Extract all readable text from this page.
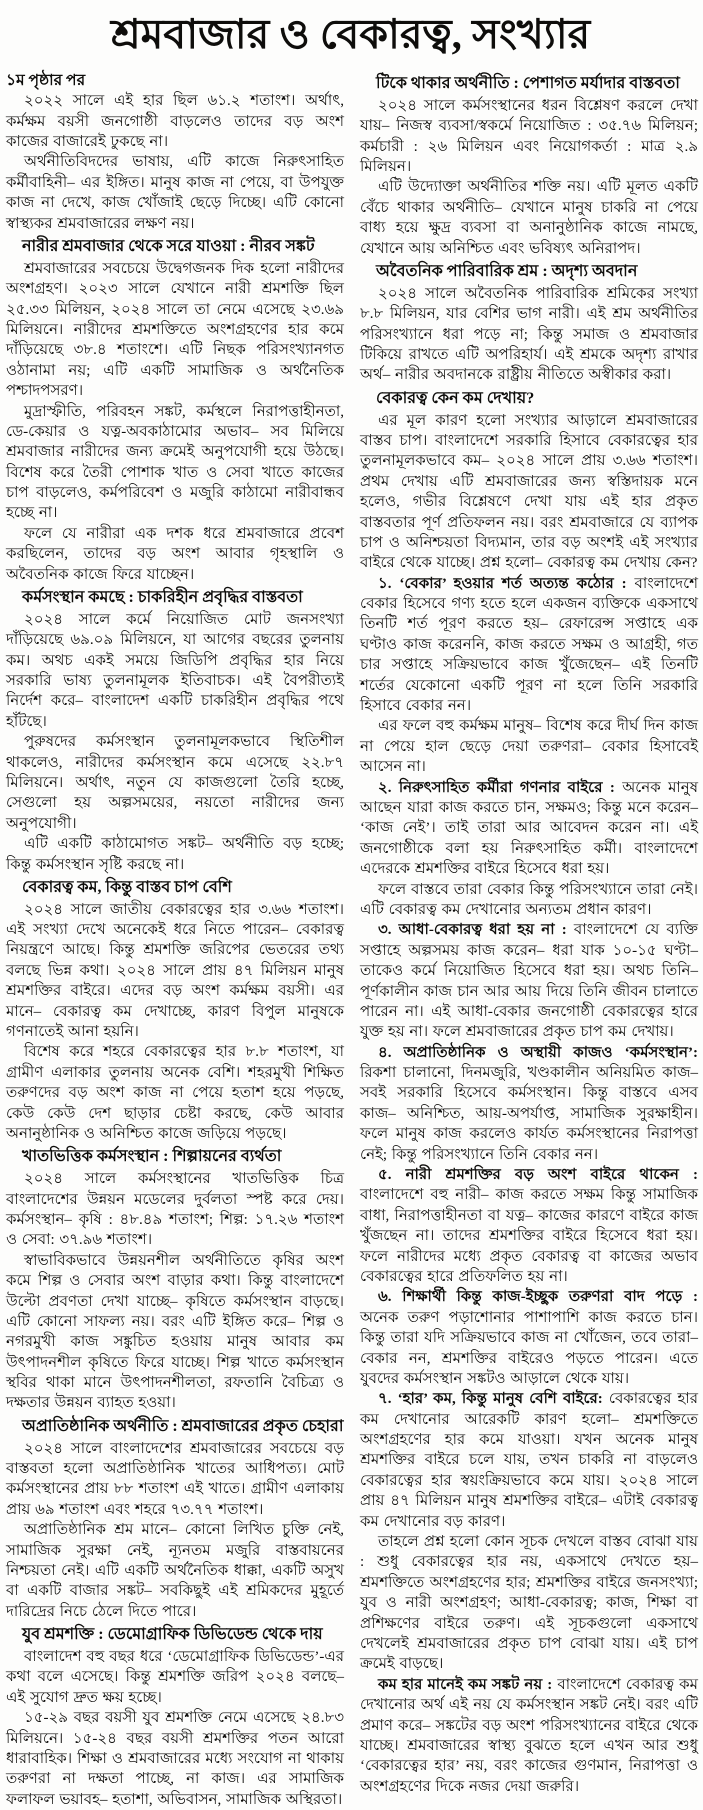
শ্রমবাজার ও বেকারত্ব, সংখ্যার

১ম পৃষ্ঠার পর

২০২২ সালে এই হার ছিল ৬১.২ শতাংশ। অর্থাৎ, কর্মক্ষম বয়সী জনগোষ্ঠী বাড়লেও তাদের বড় অংশ কাজের বাজারেই ঢুকছে না।

অর্থনীতিবিদদের ভাষায়, এটি কাজে নিরুৎসাহিত কর্মীবাহিনী– এর ইঙ্গিত। মানুষ কাজ না পেয়ে, বা উপযুক্ত কাজ না দেখে, কাজ খোঁজাই ছেড়ে দিচ্ছে। এটি কোনো স্বাস্থ্যকর শ্রমবাজারের লক্ষণ নয়।

নারীর শ্রমবাজার থেকে সরে যাওয়া : নীরব সঙ্কট

শ্রমবাজারের সবচেয়ে উদ্বেগজনক দিক হলো নারীদের অংশগ্রহণ। ২০২৩ সালে যেখানে নারী শ্রমশক্তি ছিল ২৫.৩৩ মিলিয়ন, ২০২৪ সালে তা নেমে এসেছে ২৩.৬৯ মিলিয়নে। নারীদের শ্রমশক্তিতে অংশগ্রহণের হার কমে দাঁড়িয়েছে ৩৮.৪ শতাংশে। এটি নিছক পরিসংখ্যানগত ওঠানামা নয়; এটি একটি সামাজিক ও অর্থনৈতিক পশ্চাদপসরণ।

মুদ্রাস্ফীতি, পরিবহন সঙ্কট, কর্মস্থলে নিরাপত্তাহীনতা, ডে-কেয়ার ও যত্ন-অবকাঠামোর অভাব– সব মিলিয়ে শ্রমবাজার নারীদের জন্য ক্রমেই অনুপযোগী হয়ে উঠছে। বিশেষ করে তৈরী পোশাক খাত ও সেবা খাতে কাজের চাপ বাড়লেও, কর্মপরিবেশ ও মজুরি কাঠামো নারীবান্ধব হচ্ছে না।

ফলে যে নারীরা এক দশক ধরে শ্রমবাজারে প্রবেশ করছিলেন, তাদের বড় অংশ আবার গৃহস্থালি ও অবৈতনিক কাজে ফিরে যাচ্ছেন।

কর্মসংস্থান কমছে : চাকরিহীন প্রবৃদ্ধির বাস্তবতা

২০২৪ সালে কর্মে নিয়োজিত মোট জনসংখ্যা দাঁড়িয়েছে ৬৯.০৯ মিলিয়নে, যা আগের বছরের তুলনায় কম। অথচ একই সময়ে জিডিপি প্রবৃদ্ধির হার নিয়ে সরকারি ভাষ্য তুলনামূলক ইতিবাচক। এই বৈপরীত্যই নির্দেশ করে– বাংলাদেশ একটি চাকরিহীন প্রবৃদ্ধির পথে হাঁটছে।

পুরুষদের কর্মসংস্থান তুলনামূলকভাবে স্থিতিশীল থাকলেও, নারীদের কর্মসংস্থান কমে এসেছে ২২.৮৭ মিলিয়নে। অর্থাৎ, নতুন যে কাজগুলো তৈরি হচ্ছে, সেগুলো হয় অল্পসময়ের, নয়তো নারীদের জন্য অনুপযোগী।

এটি একটি কাঠামোগত সঙ্কট– অর্থনীতি বড় হচ্ছে; কিন্তু কর্মসংস্থান সৃষ্টি করছে না।

বেকারত্ব কম, কিন্তু বাস্তব চাপ বেশি

২০২৪ সালে জাতীয় বেকারত্বের হার ৩.৬৬ শতাংশ। এই সংখ্যা দেখে অনেকেই ধরে নিতে পারেন– বেকারত্ব নিয়ন্ত্রণে আছে। কিন্তু শ্রমশক্তি জরিপের ভেতরের তথ্য বলছে ভিন্ন কথা। ২০২৪ সালে প্রায় ৪৭ মিলিয়ন মানুষ শ্রমশক্তির বাইরে। এদের বড় অংশ কর্মক্ষম বয়সী। এর মানে– বেকারত্ব কম দেখাচ্ছে, কারণ বিপুল মানুষকে গণনাতেই আনা হয়নি।

বিশেষ করে শহরে বেকারত্বের হার ৮.৮ শতাংশ, যা গ্রামীণ এলাকার তুলনায় অনেক বেশি। শহরমুখী শিক্ষিত তরুণদের বড় অংশ কাজ না পেয়ে হতাশ হয়ে পড়ছে, কেউ কেউ দেশ ছাড়ার চেষ্টা করছে, কেউ আবার অনানুষ্ঠানিক ও অনিশ্চিত কাজে জড়িয়ে পড়ছে।

খাতভিত্তিক কর্মসংস্থান : শিল্পায়নের ব্যর্থতা

২০২৪ সালে কর্মসংস্থানের খাতভিত্তিক চিত্র বাংলাদেশের উন্নয়ন মডেলের দুর্বলতা স্পষ্ট করে দেয়। কর্মসংস্থান– কৃষি : ৪৮.৪৯ শতাংশ; শিল্প: ১৭.২৬ শতাংশ ও সেবা: ৩৭.৯৬ শতাংশ।

স্বাভাবিকভাবে উন্নয়নশীল অর্থনীতিতে কৃষির অংশ কমে শিল্প ও সেবার অংশ বাড়ার কথা। কিন্তু বাংলাদেশে উল্টো প্রবণতা দেখা যাচ্ছে– কৃষিতে কর্মসংস্থান বাড়ছে। এটি কোনো সাফল্য নয়। বরং এটি ইঙ্গিত করে– শিল্প ও নগরমুখী কাজ সঙ্কুচিত হওয়ায় মানুষ আবার কম উৎপাদনশীল কৃষিতে ফিরে যাচ্ছে। শিল্প খাতে কর্মসংস্থান স্থবির থাকা মানে উৎপাদনশীলতা, রফতানি বৈচিত্র্য ও দক্ষতার উন্নয়ন ব্যাহত হওয়া।

অপ্রাতিষ্ঠানিক অর্থনীতি : শ্রমবাজারের প্রকৃত চেহারা

২০২৪ সালে বাংলাদেশের শ্রমবাজারের সবচেয়ে বড় বাস্তবতা হলো অপ্রাতিষ্ঠানিক খাতের আধিপত্য। মোট কর্মসংস্থানের প্রায় ৮৮ শতাংশ এই খাতে। গ্রামীণ এলাকায় প্রায় ৬৯ শতাংশ এবং শহরে ৭৩.৭৭ শতাংশ।

অপ্রাতিষ্ঠানিক শ্রম মানে– কোনো লিখিত চুক্তি নেই, সামাজিক সুরক্ষা নেই, ন্যূনতম মজুরি বাস্তবায়নের নিশ্চয়তা নেই। এটি একটি অর্থনৈতিক ধাক্কা, একটি অসুখ বা একটি বাজার সঙ্কট– সবকিছুই এই শ্রমিকদের মুহূর্তে দারিদ্রের নিচে ঠেলে দিতে পারে।

যুব শ্রমশক্তি : ডেমোগ্রাফিক ডিভিডেন্ড থেকে দায়

বাংলাদেশ বহু বছর ধরে ‘ডেমোগ্রাফিক ডিভিডেন্ড’-এর কথা বলে এসেছে। কিন্তু শ্রমশক্তি জরিপ ২০২৪ বলছে– এই সুযোগ দ্রুত ক্ষয় হচ্ছে।

১৫-২৯ বছর বয়সী যুব শ্রমশক্তি নেমে এসেছে ২৪.৮৩ মিলিয়নে। ১৫-২৪ বছর বয়সী শ্রমশক্তির পতন আরো ধারাবাহিক। শিক্ষা ও শ্রমবাজারের মধ্যে সংযোগ না থাকায় তরুণরা না দক্ষতা পাচ্ছে, না কাজ। এর সামাজিক ফলাফল ভয়াবহ– হতাশা, অভিবাসন, সামাজিক অস্থিরতা।

টিকে থাকার অর্থনীতি : পেশাগত মর্যাদার বাস্তবতা

২০২৪ সালে কর্মসংস্থানের ধরন বিশ্লেষণ করলে দেখা যায়– নিজস্ব ব্যবসা/স্বকর্মে নিয়োজিত : ৩৫.৭৬ মিলিয়ন; কর্মচারী : ২৬ মিলিয়ন এবং নিয়োগকর্তা : মাত্র ২.৯ মিলিয়ন।

এটি উদ্যোক্তা অর্থনীতির শক্তি নয়। এটি মূলত একটি বেঁচে থাকার অর্থনীতি– যেখানে মানুষ চাকরি না পেয়ে বাধ্য হয়ে ক্ষুদ্র ব্যবসা বা অনানুষ্ঠানিক কাজে নামছে, যেখানে আয় অনিশ্চিত এবং ভবিষ্যৎ অনিরাপদ।

অবৈতনিক পারিবারিক শ্রম : অদৃশ্য অবদান

২০২৪ সালে অবৈতনিক পারিবারিক শ্রমিকের সংখ্যা ৮.৮ মিলিয়ন, যার বেশির ভাগ নারী। এই শ্রম অর্থনীতির পরিসংখ্যানে ধরা পড়ে না; কিন্তু সমাজ ও শ্রমবাজার টিকিয়ে রাখতে এটি অপরিহার্য। এই শ্রমকে অদৃশ্য রাখার অর্থ– নারীর অবদানকে রাষ্ট্রীয় নীতিতে অস্বীকার করা।

বেকারত্ব কেন কম দেখায়?

এর মূল কারণ হলো সংখ্যার আড়ালে শ্রমবাজারের বাস্তব চাপ। বাংলাদেশে সরকারি হিসাবে বেকারত্বের হার তুলনামূলকভাবে কম– ২০২৪ সালে প্রায় ৩.৬৬ শতাংশ। প্রথম দেখায় এটি শ্রমবাজারের জন্য স্বস্তিদায়ক মনে হলেও, গভীর বিশ্লেষণে দেখা যায় এই হার প্রকৃত বাস্তবতার পূর্ণ প্রতিফলন নয়। বরং শ্রমবাজারে যে ব্যাপক চাপ ও অনিশ্চয়তা বিদ্যমান, তার বড় অংশই এই সংখ্যার বাইরে থেকে যাচ্ছে। প্রশ্ন হলো– বেকারত্ব কম দেখায় কেন?

১. ‘বেকার’ হওয়ার শর্ত অত্যন্ত কঠোর : বাংলাদেশে বেকার হিসেবে গণ্য হতে হলে একজন ব্যক্তিকে একসাথে তিনটি শর্ত পূরণ করতে হয়– রেফারেন্স সপ্তাহে এক ঘণ্টাও কাজ করেননি, কাজ করতে সক্ষম ও আগ্রহী, গত চার সপ্তাহে সক্রিয়ভাবে কাজ খুঁজেছেন– এই তিনটি শর্তের যেকোনো একটি পূরণ না হলে তিনি সরকারি হিসাবে বেকার নন।

এর ফলে বহু কর্মক্ষম মানুষ– বিশেষ করে দীর্ঘ দিন কাজ না পেয়ে হাল ছেড়ে দেয়া তরুণরা– বেকার হিসাবেই আসেন না।

২. নিরুৎসাহিত কর্মীরা গণনার বাইরে : অনেক মানুষ আছেন যারা কাজ করতে চান, সক্ষমও; কিন্তু মনে করেন– ‘কাজ নেই’। তাই তারা আর আবেদন করেন না। এই জনগোষ্ঠীকে বলা হয় নিরুৎসাহিত কর্মী। বাংলাদেশে এদেরকে শ্রমশক্তির বাইরে হিসেবে ধরা হয়।

ফলে বাস্তবে তারা বেকার কিন্তু পরিসংখ্যানে তারা নেই। এটি বেকারত্ব কম দেখানোর অন্যতম প্রধান কারণ।

৩. আধা-বেকারত্ব ধরা হয় না : বাংলাদেশে যে ব্যক্তি সপ্তাহে অল্পসময় কাজ করেন– ধরা যাক ১০-১৫ ঘণ্টা– তাকেও কর্মে নিয়োজিত হিসেবে ধরা হয়। অথচ তিনি– পূর্ণকালীন কাজ চান আর আয় দিয়ে তিনি জীবন চালাতে পারেন না। এই আধা-বেকার জনগোষ্ঠী বেকারত্বের হারে যুক্ত হয় না। ফলে শ্রমবাজারের প্রকৃত চাপ কম দেখায়।

৪. অপ্রাতিষ্ঠানিক ও অস্থায়ী কাজও ‘কর্মসংস্থান’: রিকশা চালানো, দিনমজুরি, খণ্ডকালীন অনিয়মিত কাজ– সবই সরকারি হিসেবে কর্মসংস্থান। কিন্তু বাস্তবে এসব কাজ– অনিশ্চিত, আয়-অপর্যাপ্ত, সামাজিক সুরক্ষাহীন। ফলে মানুষ কাজ করলেও কার্যত কর্মসংস্থানের নিরাপত্তা নেই; কিন্তু পরিসংখ্যানে তিনি বেকার নন।

৫. নারী শ্রমশক্তির বড় অংশ বাইরে থাকেন : বাংলাদেশে বহু নারী– কাজ করতে সক্ষম কিন্তু সামাজিক বাধা, নিরাপত্তাহীনতা বা যত্ন– কাজের কারণে বাইরে কাজ খুঁজছেন না। তাদের শ্রমশক্তির বাইরে হিসেবে ধরা হয়। ফলে নারীদের মধ্যে প্রকৃত বেকারত্ব বা কাজের অভাব বেকারত্বের হারে প্রতিফলিত হয় না।

৬. শিক্ষার্থী কিন্তু কাজ-ইচ্ছুক তরুণরা বাদ পড়ে : অনেক তরুণ পড়াশোনার পাশাপাশি কাজ করতে চান। কিন্তু তারা যদি সক্রিয়ভাবে কাজ না খোঁজেন, তবে তারা– বেকার নন, শ্রমশক্তির বাইরেও পড়তে পারেন। এতে যুবদের কর্মসংস্থান সঙ্কটও আড়ালে থেকে যায়।

৭. ‘হার’ কম, কিন্তু মানুষ বেশি বাইরে: বেকারত্বের হার কম দেখানোর আরেকটি কারণ হলো– শ্রমশক্তিতে অংশগ্রহণের হার কমে যাওয়া। যখন অনেক মানুষ শ্রমশক্তির বাইরে চলে যায়, তখন চাকরি না বাড়লেও বেকারত্বের হার স্বয়ংক্রিয়ভাবে কমে যায়। ২০২৪ সালে প্রায় ৪৭ মিলিয়ন মানুষ শ্রমশক্তির বাইরে– এটাই বেকারত্ব কম দেখানোর বড় কারণ।

তাহলে প্রশ্ন হলো কোন সূচক দেখলে বাস্তব বোঝা যায় : শুধু বেকারত্বের হার নয়, একসাথে দেখতে হয়– শ্রমশক্তিতে অংশগ্রহণের হার; শ্রমশক্তির বাইরে জনসংখ্যা; যুব ও নারী অংশগ্রহণ; আধা-বেকারত্ব; কাজ, শিক্ষা বা প্রশিক্ষণের বাইরে তরুণ। এই সূচকগুলো একসাথে দেখলেই শ্রমবাজারের প্রকৃত চাপ বোঝা যায়। এই চাপ ক্রমেই বাড়ছে।

কম হার মানেই কম সঙ্কট নয় : বাংলাদেশে বেকারত্ব কম দেখানোর অর্থ এই নয় যে কর্মসংস্থান সঙ্কট নেই। বরং এটি প্রমাণ করে– সঙ্কটের বড় অংশ পরিসংখ্যানের বাইরে থেকে যাচ্ছে। শ্রমবাজারের স্বাস্থ্য বুঝতে হলে এখন আর শুধু ‘বেকারত্বের হার’ নয়, বরং কাজের গুণমান, নিরাপত্তা ও অংশগ্রহণের দিকে নজর দেয়া জরুরি।
